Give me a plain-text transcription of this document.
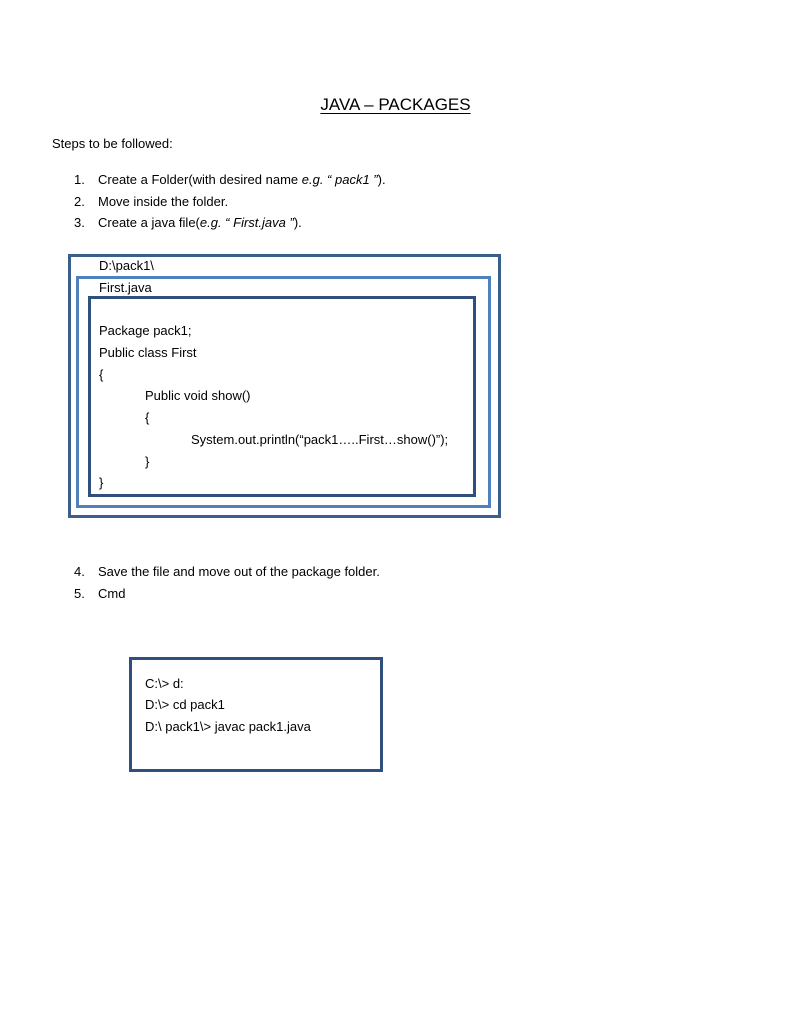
JAVA – PACKAGES
Steps to be followed:
1. Create a Folder(with desired name e.g. “ pack1 ”).
2. Move inside the folder.
3. Create a java file(e.g. “ First.java ”).
D:\pack1\
First.java
Package pack1;
Public class First
{
Public void show()
{
System.out.println(“pack1…..First…show()”);
}
}
4. Save the file and move out of the package folder.
5. Cmd
C:\> d:
D:\> cd pack1
D:\ pack1\> javac pack1.java
